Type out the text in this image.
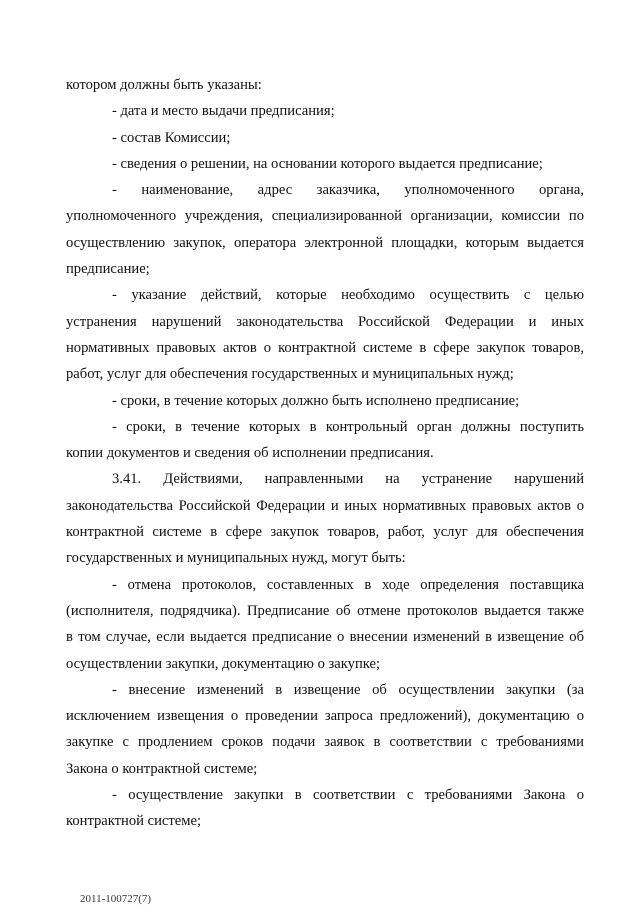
котором должны быть указаны:
- дата и место выдачи предписания;
- состав Комиссии;
- сведения о решении, на основании которого выдается предписание;
- наименование, адрес заказчика, уполномоченного органа,
уполномоченного учреждения, специализированной организации, комиссии по
осуществлению закупок, оператора электронной площадки, которым выдается
предписание;
- указание действий, которые необходимо осуществить с целью
устранения нарушений законодательства Российской Федерации и иных
нормативных правовых актов о контрактной системе в сфере закупок товаров,
работ, услуг для обеспечения государственных и муниципальных нужд;
- сроки, в течение которых должно быть исполнено предписание;
- сроки, в течение которых в контрольный орган должны поступить
копии документов и сведения об исполнении предписания.
3.41. Действиями, направленными на устранение нарушений
законодательства Российской Федерации и иных нормативных правовых актов о
контрактной системе в сфере закупок товаров, работ, услуг для обеспечения
государственных и муниципальных нужд, могут быть:
- отмена протоколов, составленных в ходе определения поставщика
(исполнителя, подрядчика). Предписание об отмене протоколов выдается также
в том случае, если выдается предписание о внесении изменений в извещение об
осуществлении закупки, документацию о закупке;
- внесение изменений в извещение об осуществлении закупки (за
исключением извещения о проведении запроса предложений), документацию о
закупке с продлением сроков подачи заявок в соответствии с требованиями
Закона о контрактной системе;
- осуществление закупки в соответствии с требованиями Закона о
контрактной системе;
2011-100727(7)
